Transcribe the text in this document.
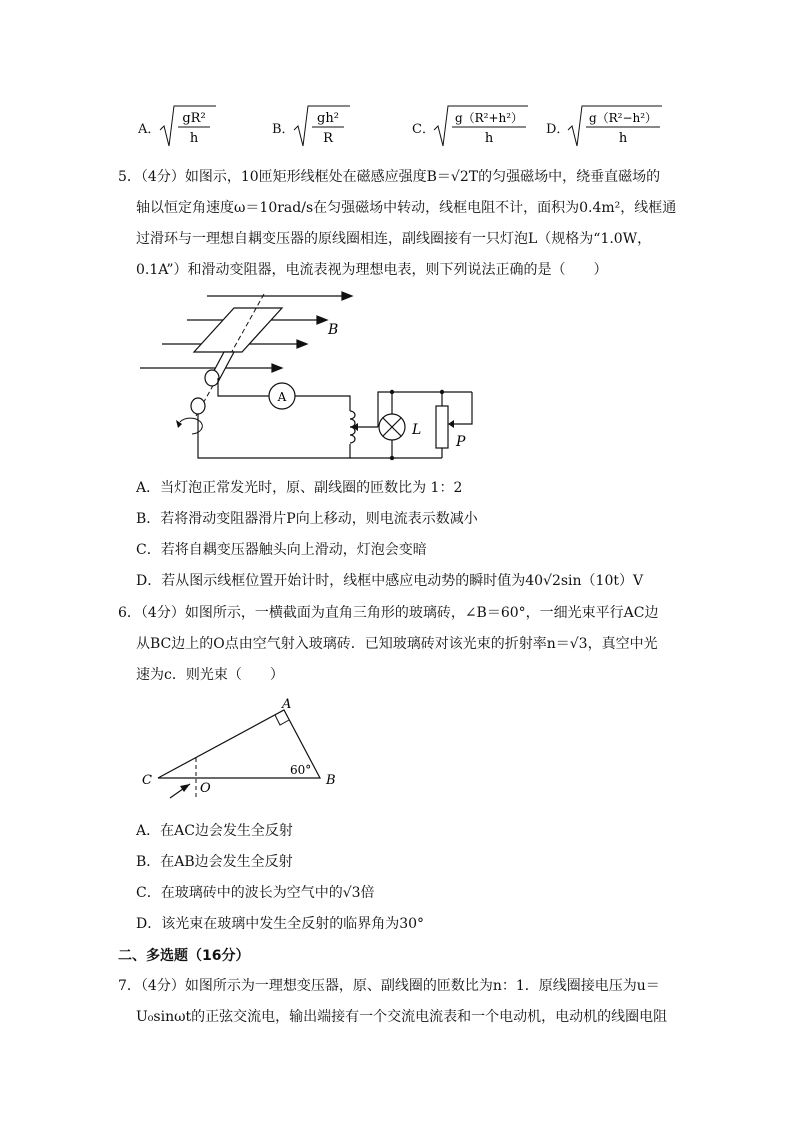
A．
gR²
h
B．
gh²
R
C．
g（R²+h²）
h
D．
g（R²−h²）
h
5．（4分）如图示，10匝矩形线框处在磁感应强度B＝√2T的匀强磁场中，绕垂直磁场的
轴以恒定角速度ω＝10rad/s在匀强磁场中转动，线框电阻不计，面积为0.4m²，线框通
过滑环与一理想自耦变压器的原线圈相连，副线圈接有一只灯泡L（规格为“1.0W，
0.1A”）和滑动变阻器，电流表视为理想电表，则下列说法正确的是（　　）
B
A
L
P
A．当灯泡正常发光时，原、副线圈的匝数比为 1：2
B．若将滑动变阻器滑片P向上移动，则电流表示数减小
C．若将自耦变压器触头向上滑动，灯泡会变暗
D．若从图示线框位置开始计时，线框中感应电动势的瞬时值为40√2sin（10t）V
6．（4分）如图所示，一横截面为直角三角形的玻璃砖，∠B＝60°，一细光束平行AC边
从BC边上的O点由空气射入玻璃砖．已知玻璃砖对该光束的折射率n＝√3，真空中光
速为c．则光束（　　）
A
B
C
O
60°
A．在AC边会发生全反射
B．在AB边会发生全反射
C．在玻璃砖中的波长为空气中的√3倍
D．该光束在玻璃中发生全反射的临界角为30°
二、多选题（16分）
7．（4分）如图所示为一理想变压器，原、副线圈的匝数比为n：1．原线圈接电压为u＝
U₀sinωt的正弦交流电，输出端接有一个交流电流表和一个电动机，电动机的线圈电阻
